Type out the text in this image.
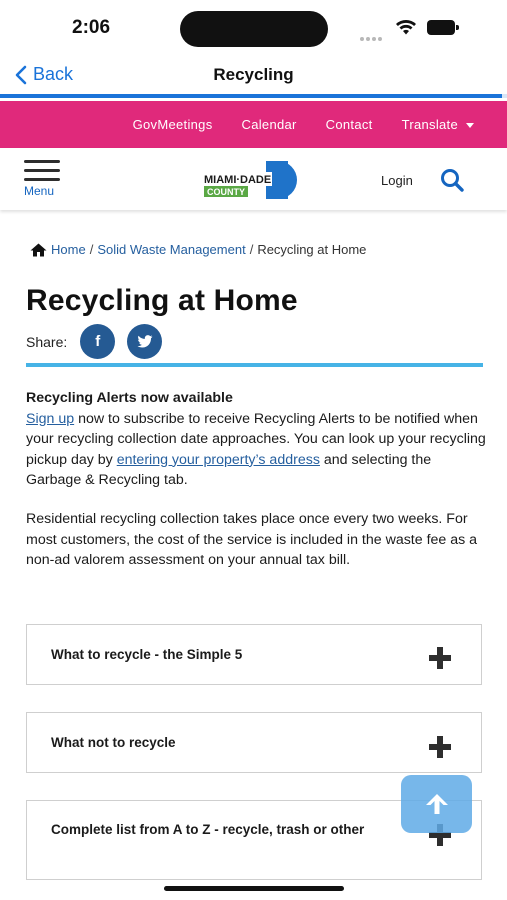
2:06
Back	Recycling
GovMeetings Calendar Contact Translate
Menu
MIAMI·DADE
COUNTY
Login
Home / Solid Waste Management / Recycling at Home
Recycling at Home
Share: f
Recycling Alerts now available
Sign up now to subscribe to receive Recycling Alerts to be notified when your recycling collection date approaches. You can look up your recycling pickup day by entering your property’s address and selecting the Garbage & Recycling tab.
Residential recycling collection takes place once every two weeks. For most customers, the cost of the service is included in the waste fee as a non-ad valorem assessment on your annual tax bill.
What to recycle - the Simple 5
What not to recycle
Complete list from A to Z - recycle, trash or other
